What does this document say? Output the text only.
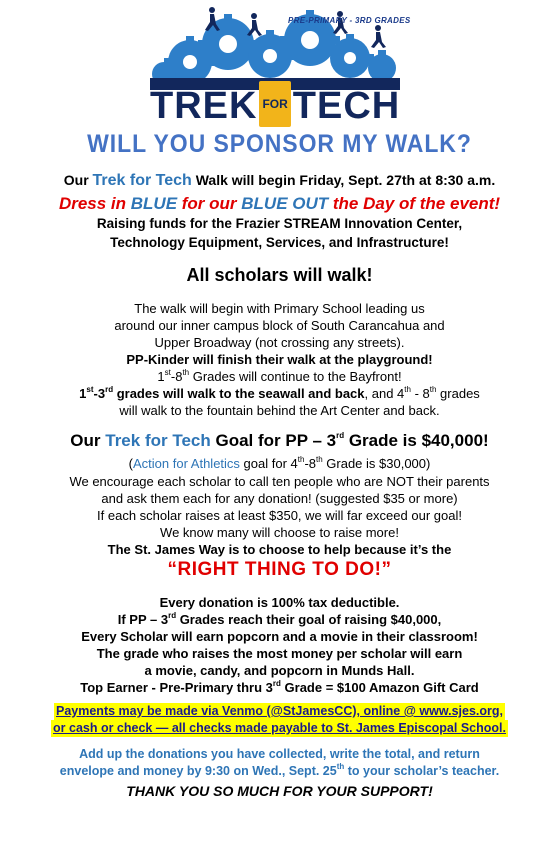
PRE-PRIMARY - 3RD GRADES
TREK FOR TECH
WILL YOU SPONSOR MY WALK?
Our Trek for Tech Walk will begin Friday, Sept. 27th at 8:30 a.m.
Dress in BLUE for our BLUE OUT the Day of the event!
Raising funds for the Frazier STREAM Innovation Center,
Technology Equipment, Services, and Infrastructure!
All scholars will walk!
The walk will begin with Primary School leading us
around our inner campus block of South Carancahua and
Upper Broadway (not crossing any streets).
PP-Kinder will finish their walk at the playground!
1st-8th Grades will continue to the Bayfront!
1st-3rd grades will walk to the seawall and back, and 4th - 8th grades
will walk to the fountain behind the Art Center and back.
Our Trek for Tech Goal for PP – 3rd Grade is $40,000!
(Action for Athletics goal for 4th-8th Grade is $30,000)
We encourage each scholar to call ten people who are NOT their parents
and ask them each for any donation! (suggested $35 or more)
If each scholar raises at least $350, we will far exceed our goal!
We know many will choose to raise more!
The St. James Way is to choose to help because it’s the
“RIGHT THING TO DO!”
Every donation is 100% tax deductible.
If PP – 3rd Grades reach their goal of raising $40,000,
Every Scholar will earn popcorn and a movie in their classroom!
The grade who raises the most money per scholar will earn
a movie, candy, and popcorn in Munds Hall.
Top Earner - Pre-Primary thru 3rd Grade = $100 Amazon Gift Card
Payments may be made via Venmo (@StJamesCC), online @ www.sjes.org,
or cash or check — all checks made payable to St. James Episcopal School.
Add up the donations you have collected, write the total, and return
envelope and money by 9:30 on Wed., Sept. 25th to your scholar’s teacher.
THANK YOU SO MUCH FOR YOUR SUPPORT!
